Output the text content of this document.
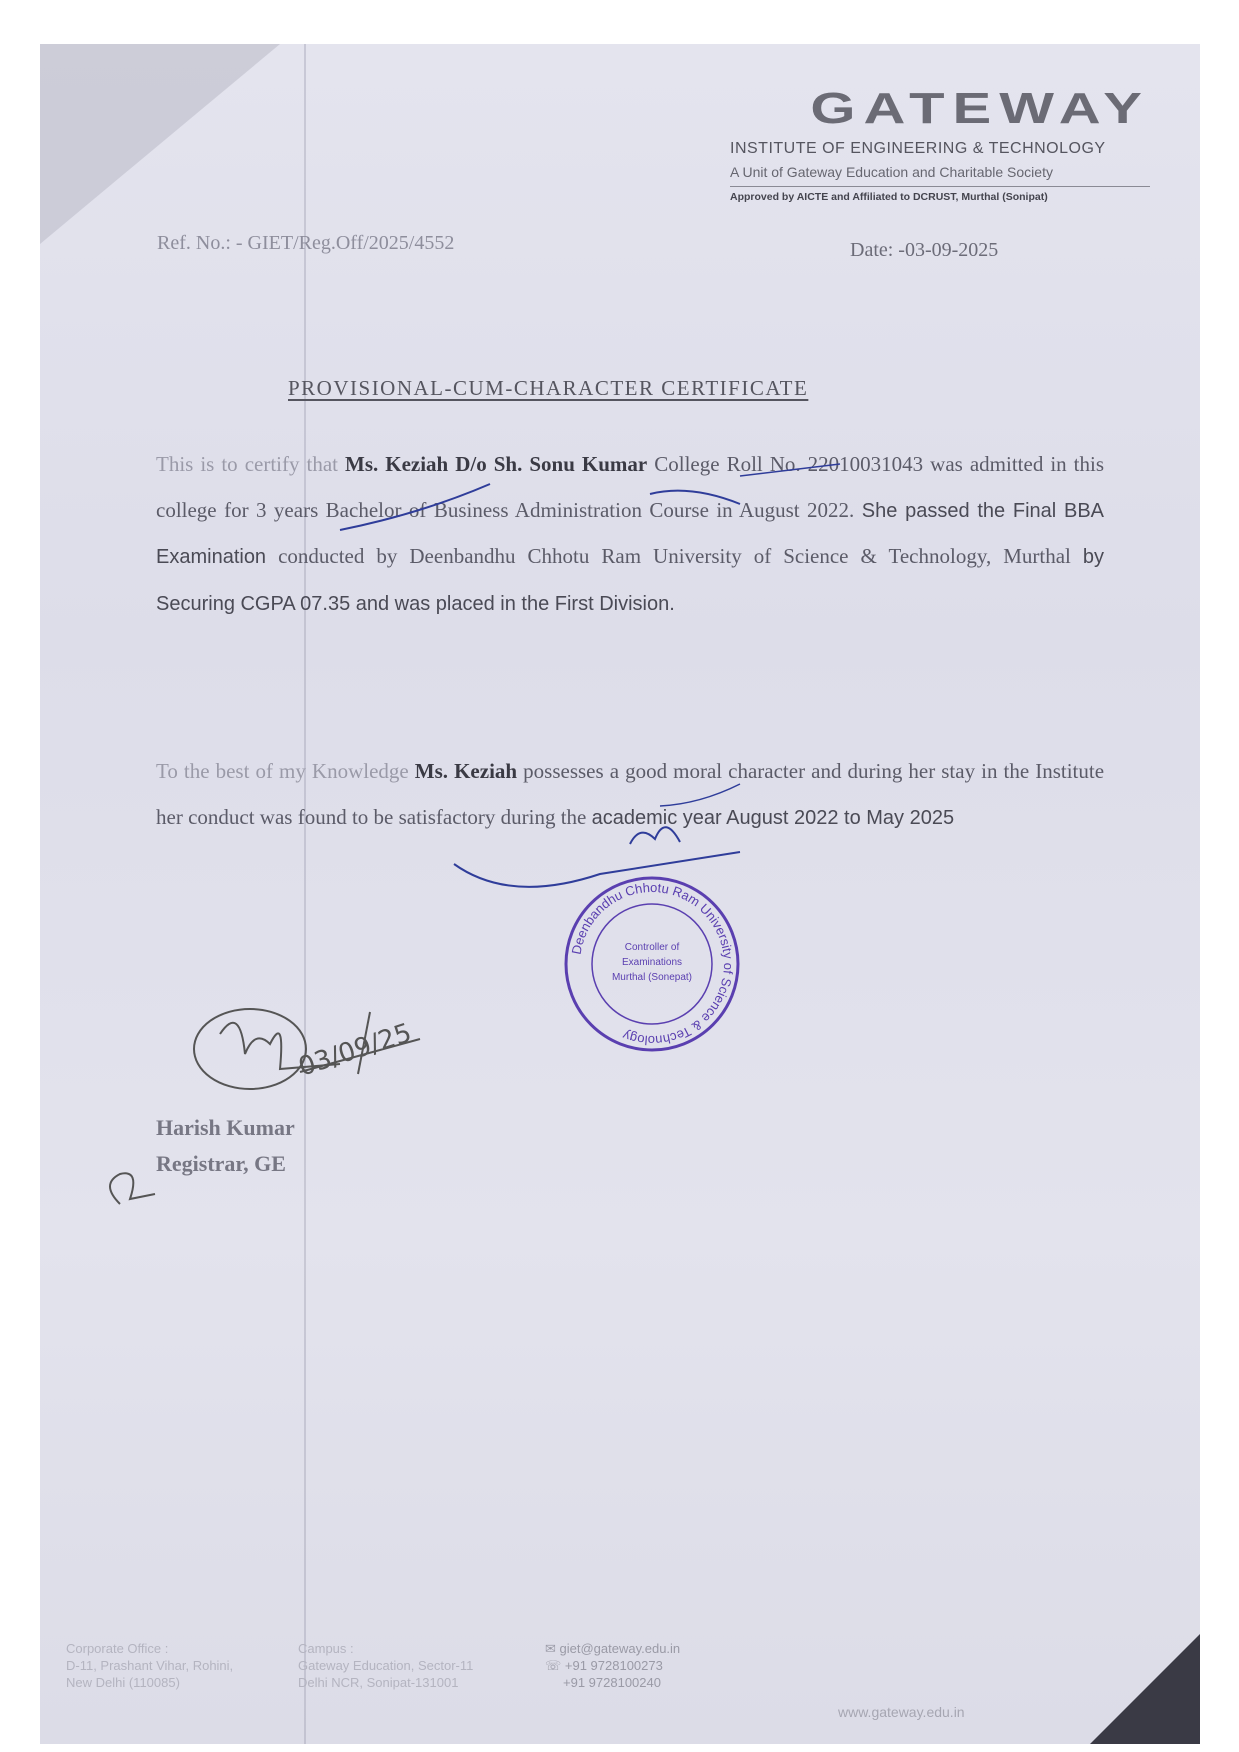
GATEWAY
INSTITUTE OF ENGINEERING & TECHNOLOGY
A Unit of Gateway Education and Charitable Society
Approved by AICTE and Affiliated to DCRUST, Murthal (Sonipat)
Ref. No.: - GIET/Reg.Off/2025/4552	Date: -03-09-2025
PROVISIONAL-CUM-CHARACTER CERTIFICATE
This is to certify that Ms. Keziah D/o Sh. Sonu Kumar College Roll No. 22010031043 was admitted in this college for 3 years Bachelor of Business Administration Course in August 2022. She passed the Final BBA Examination conducted by Deenbandhu Chhotu Ram University of Science & Technology, Murthal by Securing CGPA 07.35 and was placed in the First Division.
To the best of my Knowledge Ms. Keziah possesses a good moral character and during her stay in the Institute her conduct was found to be satisfactory during the academic year August 2022 to May 2025
Deenbandhu Chhotu Ram University of Science & Technology
Controller of
Examinations
Murthal (Sonepat)
03/09/25
Harish Kumar
Registrar, GE
Corporate Office :
D-11, Prashant Vihar, Rohini,
New Delhi (110085)
Campus :
Gateway Education, Sector-11
Delhi NCR, Sonipat-131001
✉ giet@gateway.edu.in
☏ +91 9728100273
+91 9728100240
www.gateway.edu.in
